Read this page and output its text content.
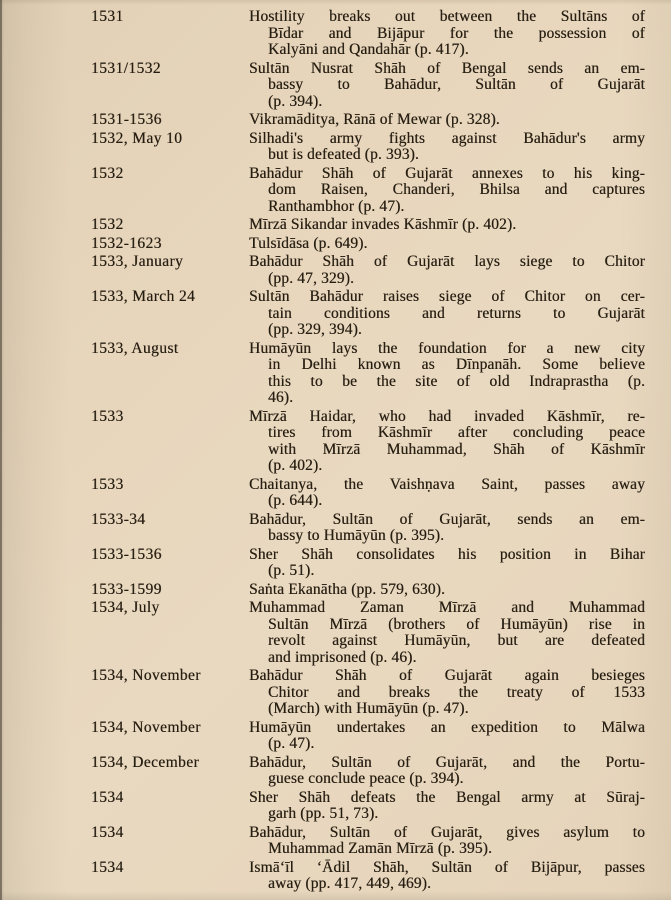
1531	Hostility breaks out between the Sultāns of
Bīdar and Bijāpur for the possession of
Kalyāni and Qandahār (p. 417).
1531/1532	Sultān Nusrat Shāh of Bengal sends an em-
bassy to Bahādur, Sultān of Gujarāt
(p. 394).
1531-1536	Vikramāditya, Rānā of Mewar (p. 328).
1532, May 10	Silhadi's army fights against Bahādur's army
but is defeated (p. 393).
1532	Bahādur Shāh of Gujarāt annexes to his king-
dom Raisen, Chanderi, Bhilsa and captures
Ranthambhor (p. 47).
1532	Mīrzā Sikandar invades Kāshmīr (p. 402).
1532-1623	Tulsīdāsa (p. 649).
1533, January	Bahādur Shāh of Gujarāt lays siege to Chitor
(pp. 47, 329).
1533, March 24	Sultān Bahādur raises siege of Chitor on cer-
tain conditions and returns to Gujarāt
(pp. 329, 394).
1533, August	Humāyūn lays the foundation for a new city
in Delhi known as Dīnpanāh. Some believe
this to be the site of old Indraprastha (p.
46).
1533	Mīrzā Haidar, who had invaded Kāshmīr, re-
tires from Kāshmīr after concluding peace
with Mīrzā Muhammad, Shāh of Kāshmīr
(p. 402).
1533	Chaitanya, the Vaishṇava Saint, passes away
(p. 644).
1533-34	Bahādur, Sultān of Gujarāt, sends an em-
bassy to Humāyūn (p. 395).
1533-1536	Sher Shāh consolidates his position in Bihar
(p. 51).
1533-1599	Saṅta Ekanātha (pp. 579, 630).
1534, July	Muhammad Zaman Mīrzā and Muhammad
Sultān Mīrzā (brothers of Humāyūn) rise in
revolt against Humāyūn, but are defeated
and imprisoned (p. 46).
1534, November	Bahādur Shāh of Gujarāt again besieges
Chitor and breaks the treaty of 1533
(March) with Humāyūn (p. 47).
1534, November	Humāyūn undertakes an expedition to Mālwa
(p. 47).
1534, December	Bahādur, Sultān of Gujarāt, and the Portu-
guese conclude peace (p. 394).
1534	Sher Shāh defeats the Bengal army at Sūraj-
garh (pp. 51, 73).
1534	Bahādur, Sultān of Gujarāt, gives asylum to
Muhammad Zamān Mīrzā (p. 395).
1534	Ismā‘īl ‘Ādil Shāh, Sultān of Bijāpur, passes
away (pp. 417, 449, 469).
